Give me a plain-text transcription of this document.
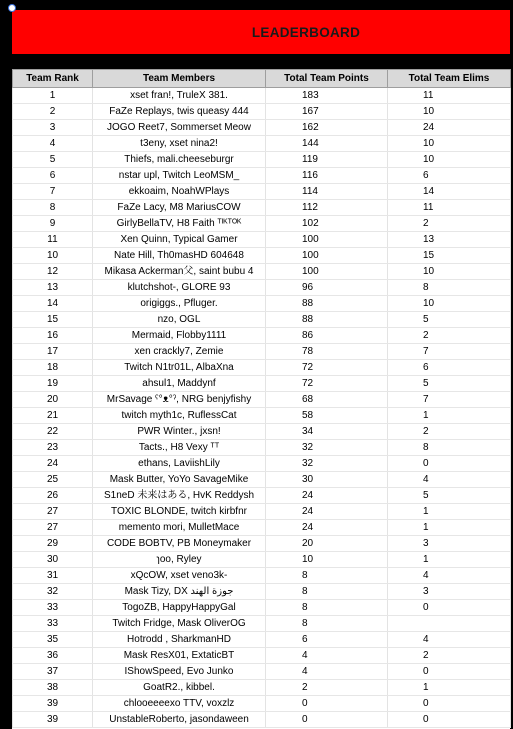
LEADERBOARD
Team Rank	Team Members	Total Team Points	Total Team Elims
1	xset fran!, TruleX 381.	183	11
2	FaZe Replays, twis queasy 444	167	10
3	JOGO Reet7, Sommerset Meow	162	24
4	t3eny, xset nina2!	144	10
5	Thiefs, mali.cheeseburgr	119	10
6	nstar upl, Twitch LeoMSM_	116	6
7	ekkoaim, NoahWPlays	114	14
8	FaZe Lacy, M8 MariusCOW	112	11
9	GirlyBellaTV, H8 Faith ᵀᴵᴷᵀᴼᴷ	102	2
11	Xen Quinn, Typical Gamer	100	13
10	Nate Hill, Th0masHD 604648	100	15
12	Mikasa Ackerman父, saint bubu 4	100	10
13	klutchshot-, GLORE 93	96	8
14	origiggs., Pfluger.	88	10
15	nzo, OGL	88	5
16	Mermaid, Flobby1111	86	2
17	xen crackly7, Zemie	78	7
18	Twitch N1tr01L, AlbaXna	72	6
19	ahsul1, Maddynf	72	5
20	MrSavage ˁ°ᴥ°ˀ, NRG benjyfishy	68	7
21	twitch myth1c, RuflessCat	58	1
22	PWR Winter., jxsn!	34	2
23	Tacts., H8 Vexy ᵀᵀ	32	8
24	ethans, LaviishLily	32	0
25	Mask Butter, YoYo SavageMike	30	4
26	S1neD 未来はある, HvK Reddysh	24	5
27	TOXIC BLONDE, twitch kirbfnr	24	1
27	memento mori, MulletMace	24	1
29	CODE BOBTV, PB Moneymaker	20	3
30	ɿoo, Ryley	10	1
31	xQcOW, xset veno3k-	8	4
32	Mask Tizy, DX جوزة الهند	8	3
33	TogoZB, HappyHappyGal	8	0
33	Twitch Fridge, Mask OliverOG	8	
35	Hotrodd , SharkmanHD	6	4
36	Mask ResX01, ExtaticBT	4	2
37	IShowSpeed, Evo Junko	4	0
38	GoatR2., kibbel.	2	1
39	chlooeeeexo TTV, voxzlz	0	0
39	UnstableRoberto, jasondaween	0	0
